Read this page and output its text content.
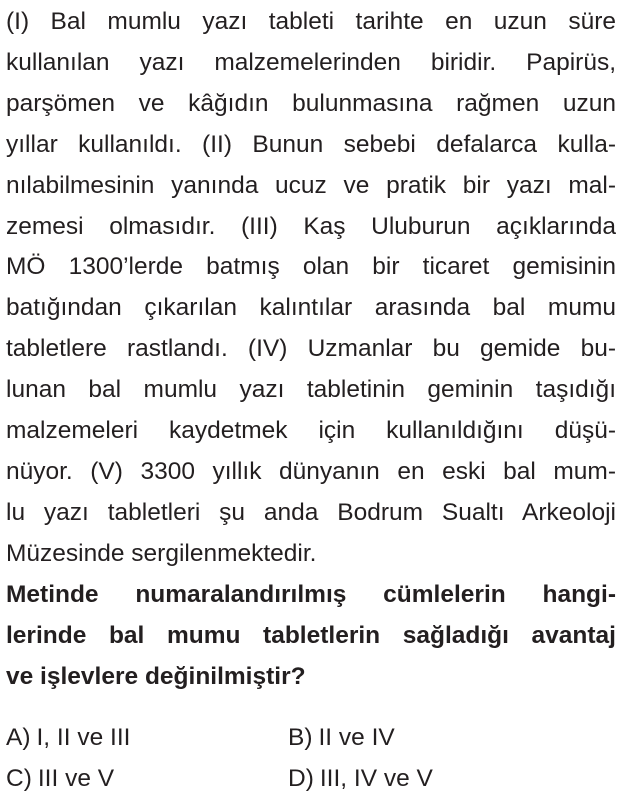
(I) Bal mumlu yazı tableti tarihte en uzun süre
kullanılan yazı malzemelerinden biridir. Papirüs,
parşömen ve kâğıdın bulunmasına rağmen uzun
yıllar kullanıldı. (II) Bunun sebebi defalarca kulla-
nılabilmesinin yanında ucuz ve pratik bir yazı mal-
zemesi olmasıdır. (III) Kaş Uluburun açıklarında
MÖ 1300’lerde batmış olan bir ticaret gemisinin
batığından çıkarılan kalıntılar arasında bal mumu
tabletlere rastlandı. (IV) Uzmanlar bu gemide bu-
lunan bal mumlu yazı tabletinin geminin taşıdığı
malzemeleri kaydetmek için kullanıldığını düşü-
nüyor. (V) 3300 yıllık dünyanın en eski bal mum-
lu yazı tabletleri şu anda Bodrum Sualtı Arkeoloji
Müzesinde sergilenmektedir.
Metinde numaralandırılmış cümlelerin hangi-
lerinde bal mumu tabletlerin sağladığı avantaj
ve işlevlere değinilmiştir?
A) I, II ve III	B) II ve IV
C) III ve V	D) III, IV ve V
